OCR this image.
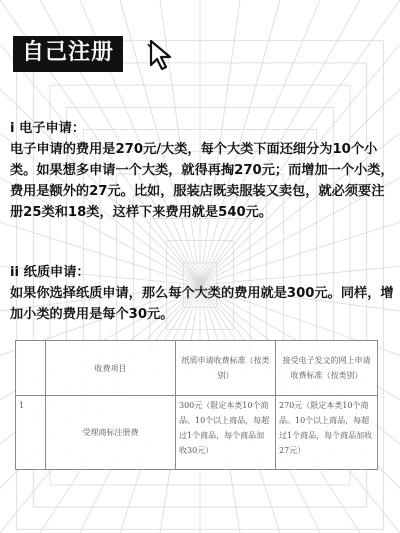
自己注册
i 电子申请：
电子申请的费用是270元/大类，每个大类下面还细分为10个小类。如果想多申请一个大类，就得再掏270元；而增加一个小类，费用是额外的27元。比如，服装店既卖服装又卖包，就必须要注册25类和18类，这样下来费用就是540元。
ii 纸质申请：
如果你选择纸质申请，那么每个大类的费用就是300元。同样，增加小类的费用是每个30元。
	收费项目	纸质申请收费标准（按类别）	接受电子发文的网上申请收费标准（按类别）
1	受理商标注册费	300元（限定本类10个商品。10个以上商品，每超过1个商品，每个商品加收30元）	270元（限定本类10个商品。10个以上商品，每超过1个商品，每个商品加收27元）
